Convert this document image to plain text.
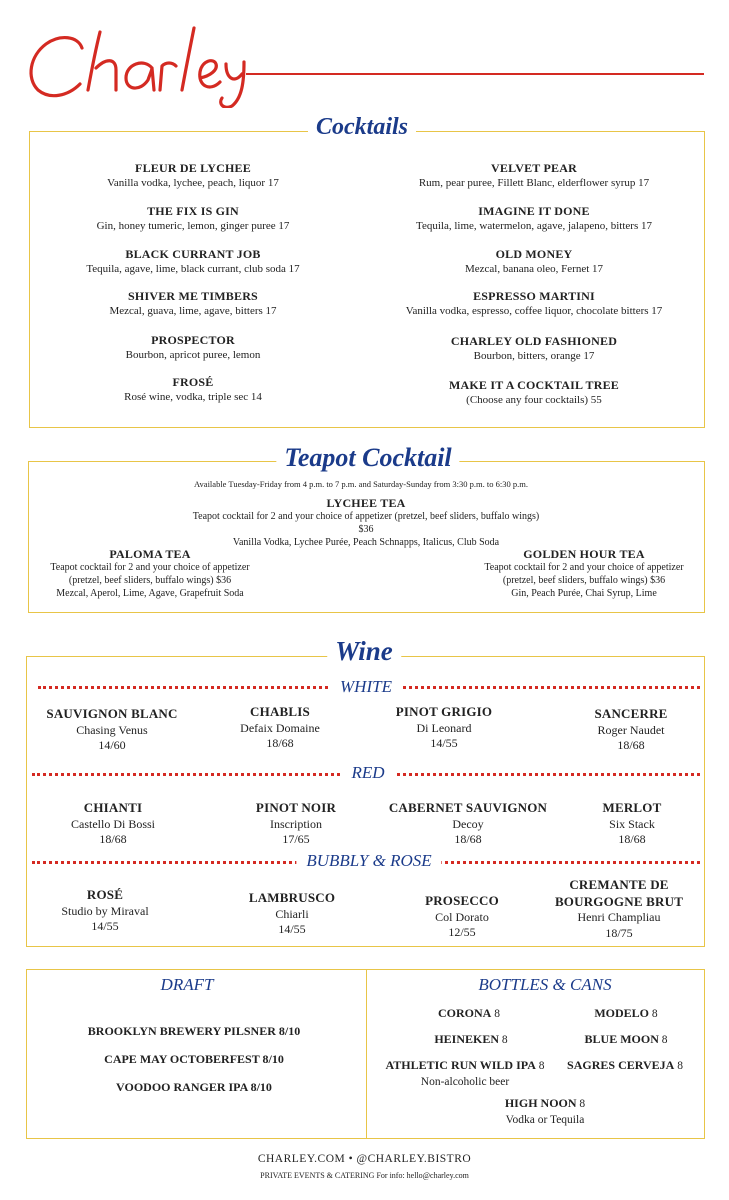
Cocktails
FLEUR DE LYCHEE
Vanilla vodka, lychee, peach, liquor 17
THE FIX IS GIN
Gin, honey tumeric, lemon, ginger puree 17
BLACK CURRANT JOB
Tequila, agave, lime, black currant, club soda 17
SHIVER ME TIMBERS
Mezcal, guava, lime, agave, bitters 17
PROSPECTOR
Bourbon, apricot puree, lemon
FROSÉ
Rosé wine, vodka, triple sec 14
VELVET PEAR
Rum, pear puree, Fillett Blanc, elderflower syrup 17
IMAGINE IT DONE
Tequila, lime, watermelon, agave, jalapeno, bitters 17
OLD MONEY
Mezcal, banana oleo, Fernet 17
ESPRESSO MARTINI
Vanilla vodka, espresso, coffee liquor, chocolate bitters 17
CHARLEY OLD FASHIONED
Bourbon, bitters, orange 17
MAKE IT A COCKTAIL TREE
(Choose any four cocktails) 55
Teapot Cocktail
Available Tuesday-Friday from 4 p.m. to 7 p.m. and Saturday-Sunday from 3:30 p.m. to 6:30 p.m.
LYCHEE TEA
Teapot cocktail for 2 and your choice of appetizer (pretzel, beef sliders, buffalo wings)
$36
Vanilla Vodka, Lychee Purée, Peach Schnapps, Italicus, Club Soda
PALOMA TEA
Teapot cocktail for 2 and your choice of appetizer
(pretzel, beef sliders, buffalo wings) $36
Mezcal, Aperol, Lime, Agave, Grapefruit Soda
GOLDEN HOUR TEA
Teapot cocktail for 2 and your choice of appetizer
(pretzel, beef sliders, buffalo wings) $36
Gin, Peach Purée, Chai Syrup, Lime
Wine
WHITE
SAUVIGNON BLANC
Chasing Venus
14/60
CHABLIS
Defaix Domaine
18/68
PINOT GRIGIO
Di Leonard
14/55
SANCERRE
Roger Naudet
18/68
RED
CHIANTI
Castello Di Bossi
18/68
PINOT NOIR
Inscription
17/65
CABERNET SAUVIGNON
Decoy
18/68
MERLOT
Six Stack
18/68
BUBBLY & ROSE
ROSÉ
Studio by Miraval
14/55
LAMBRUSCO
Chiarli
14/55
PROSECCO
Col Dorato
12/55
CREMANTE DE
BOURGOGNE BRUT
Henri Champliau
18/75
DRAFT
BROOKLYN BREWERY PILSNER 8/10
CAPE MAY OCTOBERFEST 8/10
VOODOO RANGER IPA 8/10
BOTTLES & CANS
CORONA 8	MODELO 8
HEINEKEN 8	BLUE MOON 8
ATHLETIC RUN WILD IPA 8
Non-alcoholic beer
SAGRES CERVEJA 8
HIGH NOON 8
Vodka or Tequila
CHARLEY.COM • @CHARLEY.BISTRO
PRIVATE EVENTS & CATERING For info: hello@charley.com
